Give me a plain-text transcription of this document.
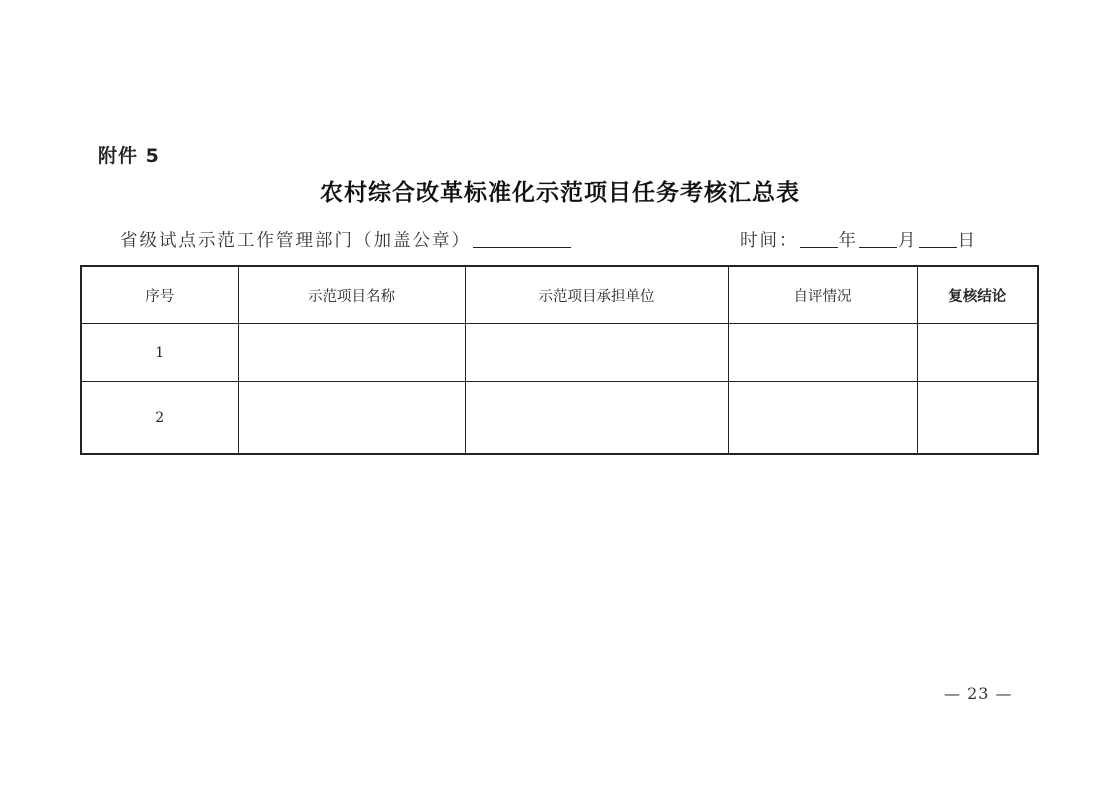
附件 5
农村综合改革标准化示范项目任务考核汇总表
省级试点示范工作管理部门（加盖公章）	时间： 年 月 日
序号	示范项目名称	示范项目承担单位	自评情况	复核结论
1				
2				
— 23 —
